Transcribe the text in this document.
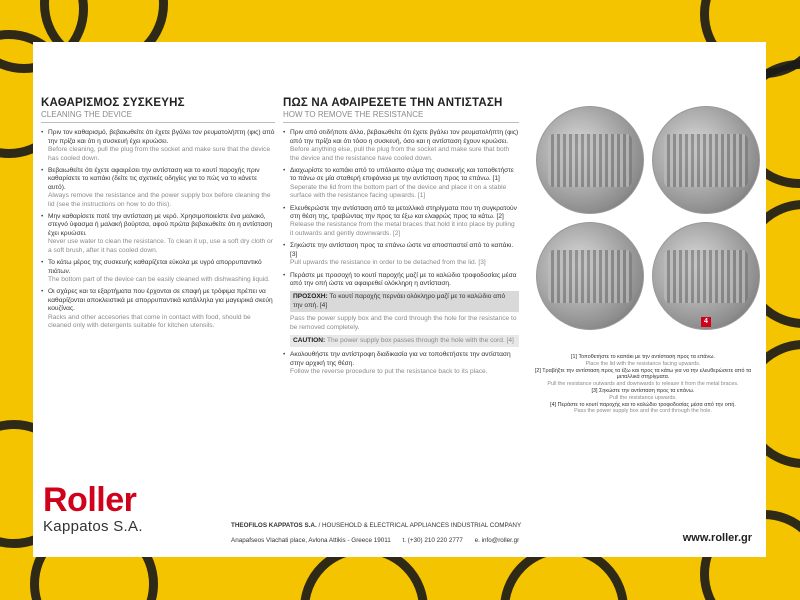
ΚΑΘΑΡΙΣΜΟΣ ΣΥΣΚΕΥΗΣ
CLEANING THE DEVICE
• Πριν τον καθαρισμό, βεβαιωθείτε ότι έχετε βγάλει τον ρευματολήπτη (φις) από την πρίζα και ότι η συσκευή έχει κρυώσει.
Before cleaning, pull the plug from the socket and make sure that the device has cooled down.
• Βεβαιωθείτε ότι έχετε αφαιρέσει την αντίσταση και το κουτί παροχής πριν καθαρίσετε το καπάκι (δείτε τις σχετικές οδηγίες για το πώς να το κάνετε αυτό).
Always remove the resistance and the power supply box before cleaning the lid (see the instructions on how to do this).
• Μην καθαρίσετε ποτέ την αντίσταση με νερό. Χρησιμοποιείστε ένα μαλακό, στεγνό ύφασμα ή μαλακή βούρτσα, αφού πρώτα βεβαιωθείτε ότι η αντίσταση έχει κρυώσει.
Never use water to clean the resistance. To clean it up, use a soft dry cloth or a soft brush, after it has cooled down.
• Το κάτω μέρος της συσκευής καθαρίζεται εύκολα με υγρό απορρυπαντικό πιάτων.
The bottom part of the device can be easily cleaned with dishwashing liquid.
• Οι σχάρες και τα εξαρτήματα που έρχονται σε επαφή με τρόφιμα πρέπει να καθαρίζονται αποκλειστικά με απορρυπαντικά κατάλληλα για μαγειρικά σκεύη κουζίνας.
Racks and other accesories that come in contact with food, should be cleaned only with detergents suitable for kitchen utensils.
ΠΩΣ ΝΑ ΑΦΑΙΡΕΣΕΤΕ ΤΗΝ ΑΝΤΙΣΤΑΣΗ
HOW TO REMOVE THE RESISTANCE
• Πριν από οτιδήποτε άλλο, βεβαιωθείτε ότι έχετε βγάλει τον ρευματολήπτη (φις) από την πρίζα και ότι τόσο η συσκευή, όσο και η αντίσταση έχουν κρυώσει.
Before anything else, pull the plug from the socket and make sure that both the device and the resistance have cooled down.
• Διαχωρίστε το καπάκι από το υπόλοιπο σώμα της συσκευής και τοποθετήστε το πάνω σε μία σταθερή επιφάνεια με την αντίσταση προς τα επάνω. [1]
Seperate the lid from the bottom part of the device and place it on a stable surface with the resistance facing upwards. [1]
• Ελευθερώστε την αντίσταση από τα μεταλλικά στηρίγματα που τη συγκρατούν στη θέση της, τραβώντας την προς τα έξω και ελαφρώς προς τα κάτω. [2]
Release the resistance from the metal braces that hold it into place by pulling it outwards and gently downwards. [2]
• Σηκώστε την αντίσταση προς τα επάνω ώστε να αποσπαστεί από το καπάκι. [3]
Pull upwards the resistance in order to be detached from the lid. [3]
• Περάστε με προσοχή το κουτί παροχής μαζί με το καλώδιο τροφοδοσίας μέσα από την οπή ώστε να αφαιρεθεί ολόκληρη η αντίσταση.
ΠΡΟΣΟΧΗ: Το κουτί παροχής περνάει ολόκληρο μαζί με το καλώδιο από την οπή. [4]
Pass the power supply box and the cord through the hole for the resistance to be removed completely.
CAUTION: The power supply box passes through the hole with the cord. [4]
• Ακολουθήστε την αντίστροφη διαδικασία για να τοποθετήσετε την αντίσταση στην αρχική της θέση.
Follow the reverse procedure to put the resistance back to its place.
1	2
3
4
[1] Τοποθετήστε το καπάκι με την αντίσταση προς τα επάνω.
Place the lid with the resistance facing upwards.
[2] Τραβήξτε την αντίσταση προς τα έξω και προς τα κάτω για να την ελευθερώσετε από τα μεταλλικά στηρίγματα.
Pull the resistance outwards and downwards to release it from the metal braces.
[3] Σηκώστε την αντίσταση προς τα επάνω.
Pull the resistance upwards.
[4] Περάστε το κουτί παροχής και το καλώδιο τροφοδοσίας μέσα από την οπή.
Pass the power supply box and the cord through the hole.
Roller
Kappatos S.A.	THEOFILOS KAPPATOS S.A. / HOUSEHOLD & ELECTRICAL APPLIANCES INDUSTRIAL COMPANY
Anapafseos Vlachati place, Avlona Attikis - Greece 19011 t. (+30) 210 220 2777 e. info@roller.gr	www.roller.gr
